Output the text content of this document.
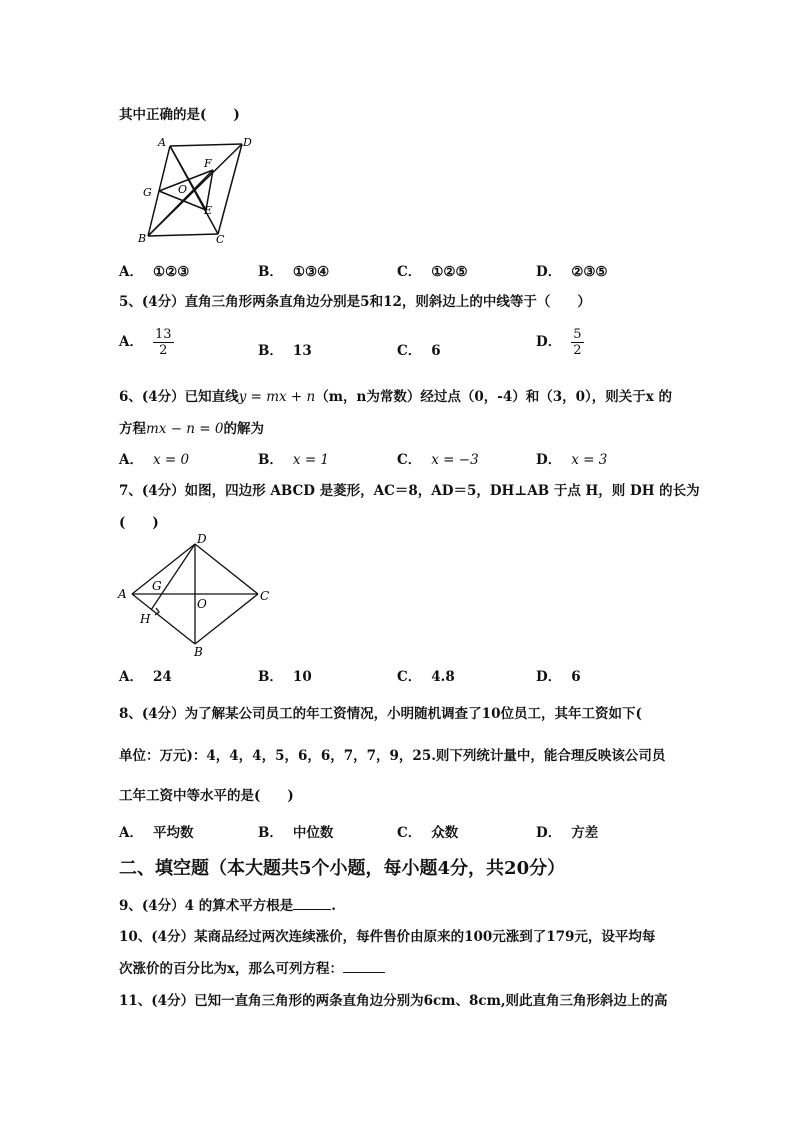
其中正确的是(　　)
A	D
F
G O
E
B	C
A． ①②③	B． ①③④	C． ①②⑤	D． ②③⑤
5、(4分）直角三角形两条直角边分别是5和12，则斜边上的中线等于（　　）
A． $\frac{13}{2}$	B． 13	C． 6
D． $\frac{5}{2}$
6、(4分）已知直线y = mx + n（m，n为常数）经过点（0，-4）和（3，0），则关于x 的
方程mx − n = 0的解为
A． x = 0	B． x = 1	C． x = −3	D． x = 3
7、(4分）如图，四边形 ABCD 是菱形，AC＝8，AD＝5，DH⊥AB 于点 H，则 DH 的长为
(　　)
D
A
G
O
C
H
B
A． 24	B． 10	C． 4.8	D． 6
8、(4分）为了解某公司员工的年工资情况，小明随机调查了10位员工，其年工资如下(
单位：万元)：4，4，4，5，6，6，7，7，9，25.则下列统计量中，能合理反映该公司员
工年工资中等水平的是(　　)
A． 平均数	B． 中位数	C． 众数	D． 方差
二、填空题（本大题共5个小题，每小题4分，共20分）
9、(4分）4 的算术平方根是	.
10、(4分）某商品经过两次连续涨价，每件售价由原来的100元涨到了179元，设平均每
次涨价的百分比为x，那么可列方程：
11、(4分）已知一直角三角形的两条直角边分别为6cm、8cm,则此直角三角形斜边上的高
